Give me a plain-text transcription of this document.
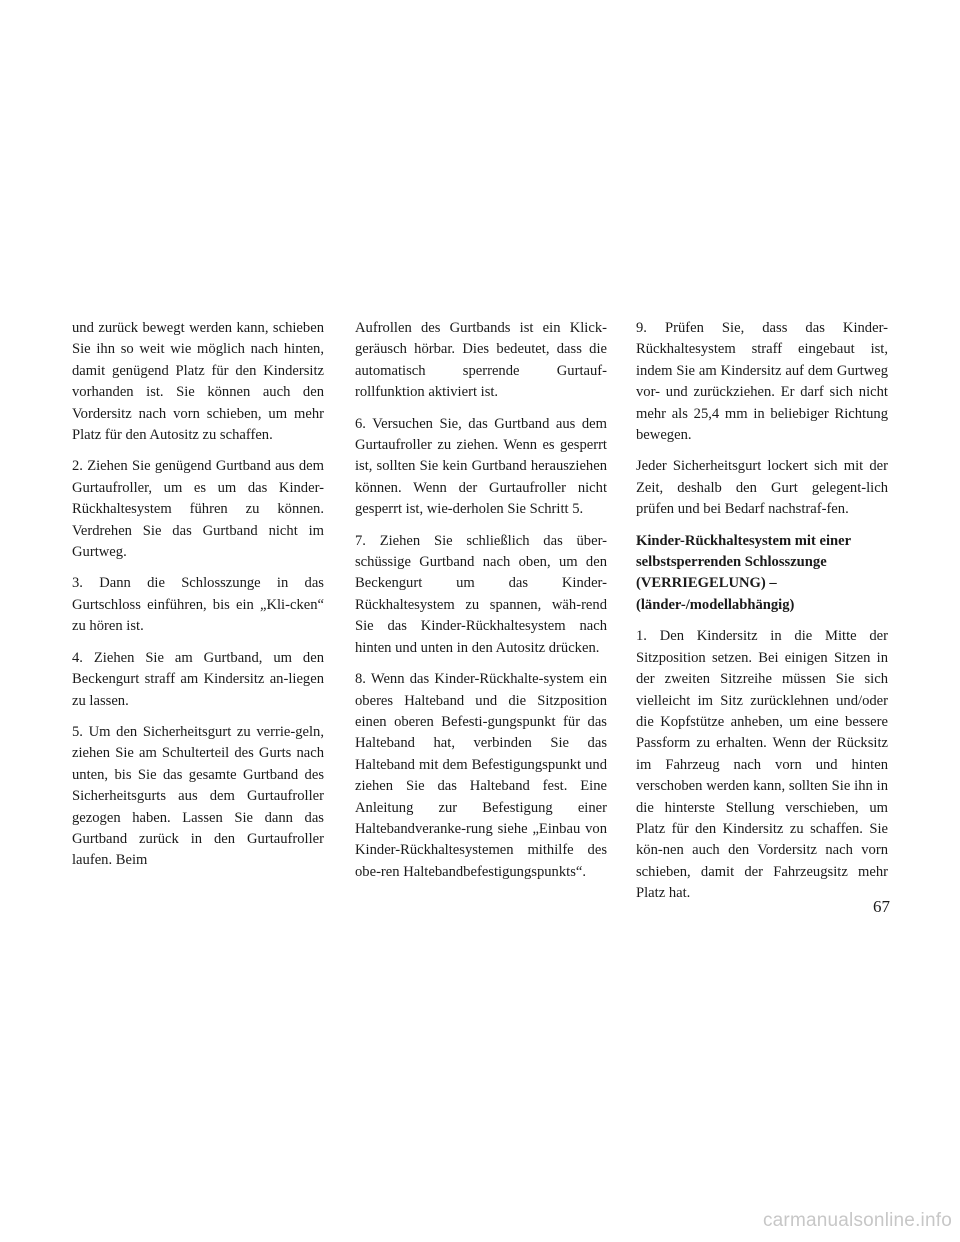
und zurück bewegt werden kann, schieben Sie ihn so weit wie möglich nach hinten, damit genügend Platz für den Kindersitz vorhanden ist. Sie können auch den Vordersitz nach vorn schieben, um mehr Platz für den Autositz zu schaffen.

2. Ziehen Sie genügend Gurtband aus dem Gurtaufroller, um es um das Kinder-Rückhaltesystem führen zu können. Verdrehen Sie das Gurtband nicht im Gurtweg.

3. Dann die Schlosszunge in das Gurtschloss einführen, bis ein „Kli-cken“ zu hören ist.

4. Ziehen Sie am Gurtband, um den Beckengurt straff am Kindersitz an-liegen zu lassen.

5. Um den Sicherheitsgurt zu verrie-geln, ziehen Sie am Schulterteil des Gurts nach unten, bis Sie das gesamte Gurtband des Sicherheitsgurts aus dem Gurtaufroller gezogen haben. Lassen Sie dann das Gurtband zurück in den Gurtaufroller laufen. Beim

Aufrollen des Gurtbands ist ein Klick-geräusch hörbar. Dies bedeutet, dass die automatisch sperrende Gurtauf-rollfunktion aktiviert ist.

6. Versuchen Sie, das Gurtband aus dem Gurtaufroller zu ziehen. Wenn es gesperrt ist, sollten Sie kein Gurtband herausziehen können. Wenn der Gurtaufroller nicht gesperrt ist, wie-derholen Sie Schritt 5.

7. Ziehen Sie schließlich das über-schüssige Gurtband nach oben, um den Beckengurt um das Kinder-Rückhaltesystem zu spannen, wäh-rend Sie das Kinder-Rückhaltesystem nach hinten und unten in den Autositz drücken.

8. Wenn das Kinder-Rückhalte-system ein oberes Halteband und die Sitzposition einen oberen Befesti-gungspunkt für das Halteband hat, verbinden Sie das Halteband mit dem Befestigungspunkt und ziehen Sie das Halteband fest. Eine Anleitung zur Befestigung einer Haltebandveranke-rung siehe „Einbau von Kinder-Rückhaltesystemen mithilfe des obe-ren Haltebandbefestigungspunkts“.

9. Prüfen Sie, dass das Kinder-Rückhaltesystem straff eingebaut ist, indem Sie am Kindersitz auf dem Gurtweg vor- und zurückziehen. Er darf sich nicht mehr als 25,4 mm in beliebiger Richtung bewegen.

Jeder Sicherheitsgurt lockert sich mit der Zeit, deshalb den Gurt gelegent-lich prüfen und bei Bedarf nachstraf-fen.

Kinder-Rückhaltesystem mit einer selbstsperrenden Schlosszunge (VERRIEGELUNG) – (länder-/modellabhängig)

1. Den Kindersitz in die Mitte der Sitzposition setzen. Bei einigen Sitzen in der zweiten Sitzreihe müssen Sie sich vielleicht im Sitz zurücklehnen und/oder die Kopfstütze anheben, um eine bessere Passform zu erhalten. Wenn der Rücksitz im Fahrzeug nach vorn und hinten verschoben werden kann, sollten Sie ihn in die hinterste Stellung verschieben, um Platz für den Kindersitz zu schaffen. Sie kön-nen auch den Vordersitz nach vorn schieben, damit der Fahrzeugsitz mehr Platz hat.

67
carmanualsonline.info
